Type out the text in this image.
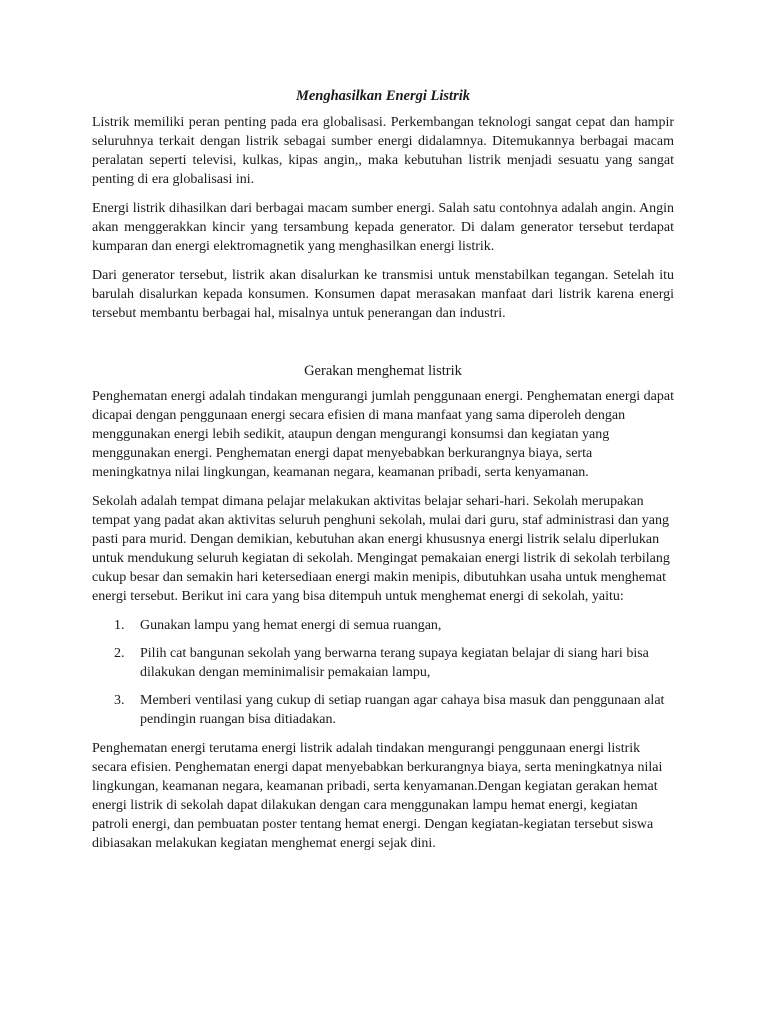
Menghasilkan Energi Listrik

Listrik memiliki peran penting pada era globalisasi. Perkembangan teknologi sangat cepat dan hampir seluruhnya terkait dengan listrik sebagai sumber energi didalamnya. Ditemukannya berbagai macam peralatan seperti televisi, kulkas, kipas angin,, maka kebutuhan listrik menjadi sesuatu yang sangat penting di era globalisasi ini.

Energi listrik dihasilkan dari berbagai macam sumber energi. Salah satu contohnya adalah angin. Angin akan menggerakkan kincir yang tersambung kepada generator. Di dalam generator tersebut terdapat kumparan dan energi elektromagnetik yang menghasilkan energi listrik.

Dari generator tersebut, listrik akan disalurkan ke transmisi untuk menstabilkan tegangan. Setelah itu barulah disalurkan kepada konsumen. Konsumen dapat merasakan manfaat dari listrik karena energi tersebut membantu berbagai hal, misalnya untuk penerangan dan industri.

Gerakan menghemat listrik

Penghematan energi adalah tindakan mengurangi jumlah penggunaan energi. Penghematan energi dapat dicapai dengan penggunaan energi secara efisien di mana manfaat yang sama diperoleh dengan menggunakan energi lebih sedikit, ataupun dengan mengurangi konsumsi dan kegiatan yang menggunakan energi. Penghematan energi dapat menyebabkan berkurangnya biaya, serta meningkatnya nilai lingkungan, keamanan negara, keamanan pribadi, serta kenyamanan.

Sekolah adalah tempat dimana pelajar melakukan aktivitas belajar sehari-hari. Sekolah merupakan tempat yang padat akan aktivitas seluruh penghuni sekolah, mulai dari guru, staf administrasi dan yang pasti para murid. Dengan demikian, kebutuhan akan energi khususnya energi listrik selalu diperlukan untuk mendukung seluruh kegiatan di sekolah. Mengingat pemakaian energi listrik di sekolah terbilang cukup besar dan semakin hari ketersediaan energi makin menipis, dibutuhkan usaha untuk menghemat energi tersebut. Berikut ini cara yang bisa ditempuh untuk menghemat energi di sekolah, yaitu:

1. Gunakan lampu yang hemat energi di semua ruangan,
2. Pilih cat bangunan sekolah yang berwarna terang supaya kegiatan belajar di siang hari bisa dilakukan dengan meminimalisir pemakaian lampu,
3. Memberi ventilasi yang cukup di setiap ruangan agar cahaya bisa masuk dan penggunaan alat pendingin ruangan bisa ditiadakan.

Penghematan energi terutama energi listrik adalah tindakan mengurangi penggunaan energi listrik secara efisien. Penghematan energi dapat menyebabkan berkurangnya biaya, serta meningkatnya nilai lingkungan, keamanan negara, keamanan pribadi, serta kenyamanan.Dengan kegiatan gerakan hemat energi listrik di sekolah dapat dilakukan dengan cara menggunakan lampu hemat energi, kegiatan patroli energi, dan pembuatan poster tentang hemat energi. Dengan kegiatan-kegiatan tersebut siswa dibiasakan melakukan kegiatan menghemat energi sejak dini.
